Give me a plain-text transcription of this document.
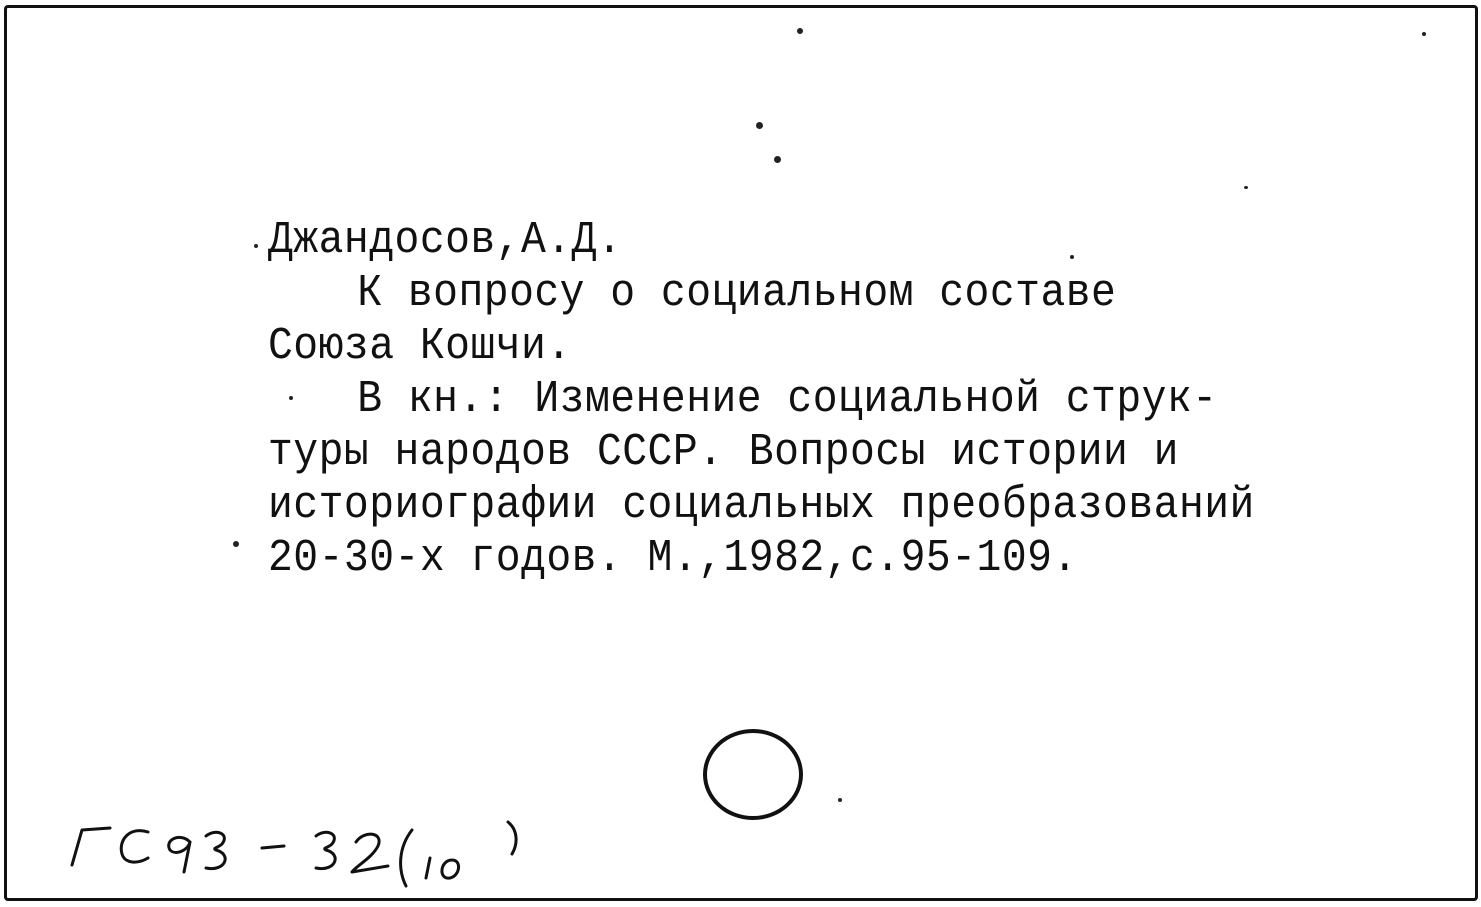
Джандосов,А.Д.
К вопросу о социальном составе
Союза Кошчи.
В кн.: Изменение социальной струк-
туры народов СССР. Вопросы истории и
историографии социальных преобразований
20-30-х годов. М.,1982,с.95-109.
